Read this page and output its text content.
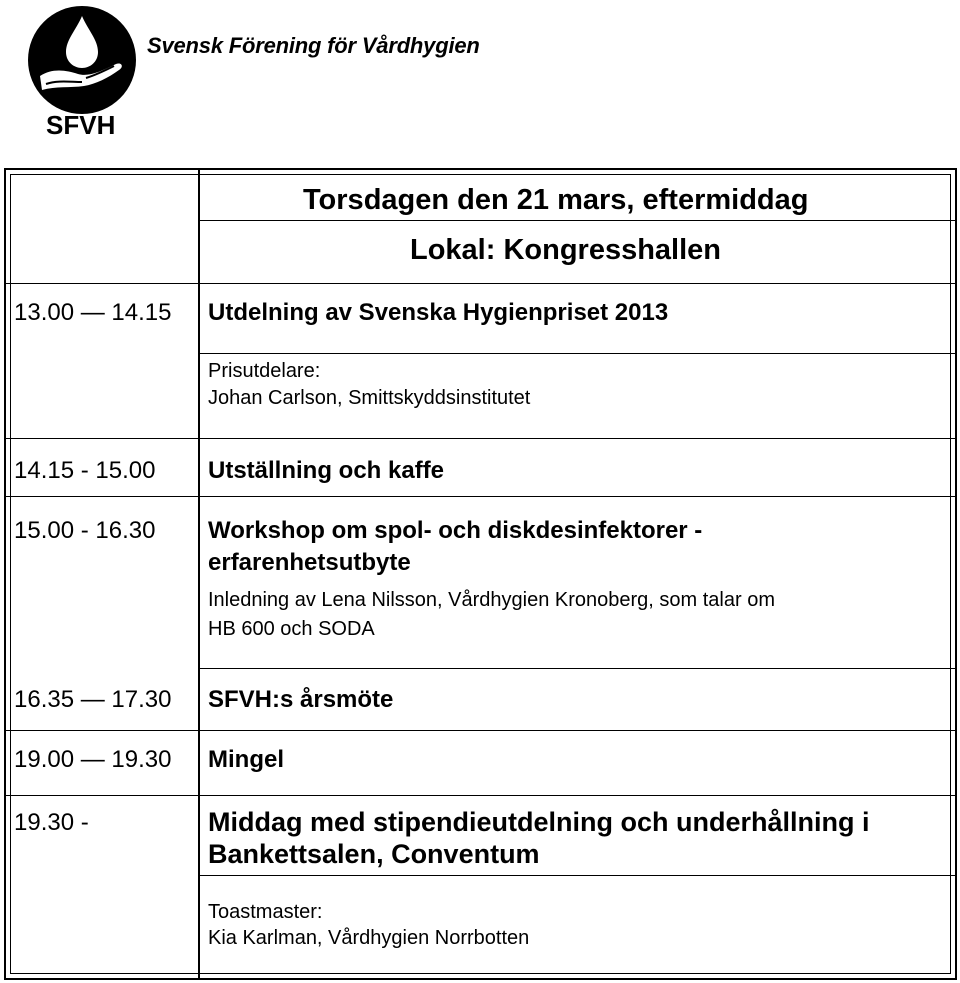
Svensk Förening för Vårdhygien
SFVH
Torsdagen den 21 mars, eftermiddag
Lokal: Kongresshallen
13.00 — 14.15 Utdelning av Svenska Hygienpriset 2013
Prisutdelare:
Johan Carlson, Smittskyddsinstitutet
14.15 - 15.00 Utställning och kaffe
15.00 - 16.30 Workshop om spol- och diskdesinfektorer -
erfarenhetsutbyte
Inledning av Lena Nilsson, Vårdhygien Kronoberg, som talar om
HB 600 och SODA
16.35 — 17.30 SFVH:s årsmöte
19.00 — 19.30 Mingel
19.30 -	Middag med stipendieutdelning och underhållning i
Bankettsalen, Conventum
Toastmaster:
Kia Karlman, Vårdhygien Norrbotten
